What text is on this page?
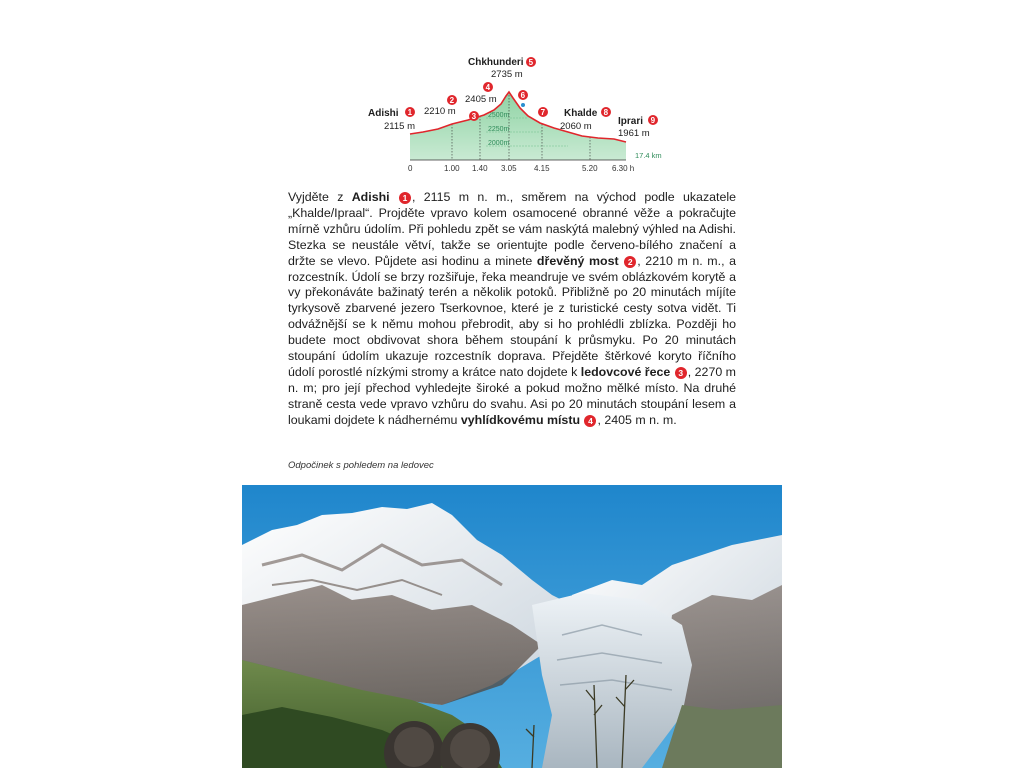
2500m
2250m
2000m
Adishi
2115 m
1
2
2210 m 3
4
2405 m
Chkhunderi 5
2735 m
6
7 Khalde 8
2060 m	Iprari 9
1961 m
17.4 km
0	1.00 1.40 3.05 4.15	5.20 6.30 h
Vyjděte z Adishi 1 , 2115 m n. m., směrem na východ podle ukazatele „Khalde/Ipraal“. Projděte vpravo kolem osamocené obranné věže a pokračujte mírně vzhůru údolím. Při pohledu zpět se vám naskýtá malebný výhled na Adishi. Stezka se neustále větví, takže se orientujte podle červeno-bílého značení a držte se vlevo. Půjdete asi hodinu a minete dřevěný most 2 , 2210 m n. m., a rozcestník. Údolí se brzy rozšiřuje, řeka meandruje ve svém oblázkovém korytě a vy překonáváte bažinatý terén a několik potoků. Přibližně po 20 minutách míjíte tyrkysově zbarvené jezero Tserkovnoe, které je z turistické cesty sotva vidět. Ti odvážnější se k němu mohou přebrodit, aby si ho prohlédli zblízka. Později ho budete moct obdivovat shora během stoupání k průsmyku. Po 20 minutách stoupání údolím ukazuje rozcestník doprava. Přejděte štěrkové koryto říčního údolí porostlé nízkými stromy a krátce nato dojdete k ledovcové řece 3 , 2270 m n. m; pro její přechod vyhledejte široké a pokud možno mělké místo. Na druhé straně cesta vede vpravo vzhůru do svahu. Asi po 20 minutách stoupání lesem a loukami dojdete k nádhernému vyhlídkovému místu 4 , 2405 m n. m.
Odpočinek s pohledem na ledovec
